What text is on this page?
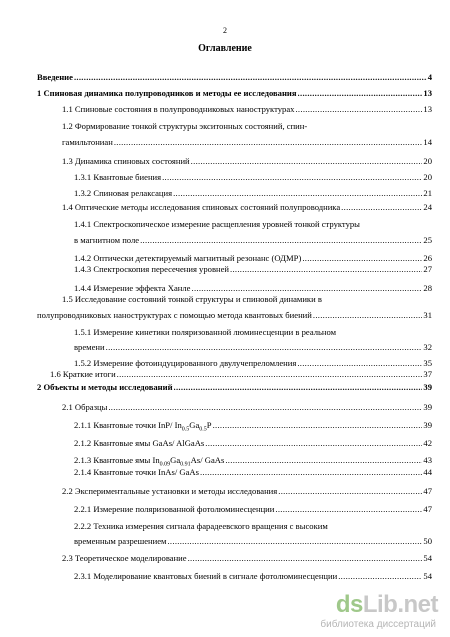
2
Оглавление
Введение .....	4
1 Спиновая динамика полупроводников и методы ее исследования .....	13
1.1 Спиновые состояния в полупроводниковых наноструктурах .....	13
1.2 Формирование тонкой структуры экситонных состояний, спин-
гамильтониан .....	14
1.3 Динамика спиновых состояний .....	20
1.3.1 Квантовые биения .....	20
1.3.2 Спиновая релаксация .....	21
1.4 Оптические методы исследования спиновых состояний полупроводника .....	24
1.4.1 Спектроскопическое измерение расщепления уровней тонкой структуры
в магнитном поле .....	25
1.4.2 Оптически детектируемый магнитный резонанс (ОДМР) .....	26
1.4.3 Спектроскопия пересечения уровней .....	27
1.4.4 Измерение эффекта Ханле .....	28
1.5 Исследование состояний тонкой структуры и спиновой динамики в
полупроводниковых наноструктурах с помощью метода квантовых биений .....	31
1.5.1 Измерение кинетики поляризованной люминесценции в реальном
времени .....	32
1.5.2 Измерение фотоиндуцированного двулучепреломления .....	35
1.6 Краткие итоги .....	37
2 Объекты и методы исследований .....	39
2.1 Образцы .....	39
2.1.1 Квантовые точки InP/ $In_{0.5}Ga_{0.5}P$ .....	39
2.1.2 Квантовые ямы GaAs/ AlGaAs .....	42
2.1.3 Квантовые ямы $In_{0.09}Ga_{0.91}As/$ GaAs .....	43
2.1.4 Квантовые точки InAs/ GaAs .....	44
2.2 Экспериментальные установки и методы исследования .....	47
2.2.1 Измерение поляризованной фотолюминесценции .....	47
2.2.2 Техника измерения сигнала фарадеевского вращения с высоким
временным разрешением .....	50
2.3 Теоретическое моделирование .....	54
2.3.1 Моделирование квантовых биений в сигнале фотолюминесценции .....	54
dsLib.net
библиотека диссертаций
